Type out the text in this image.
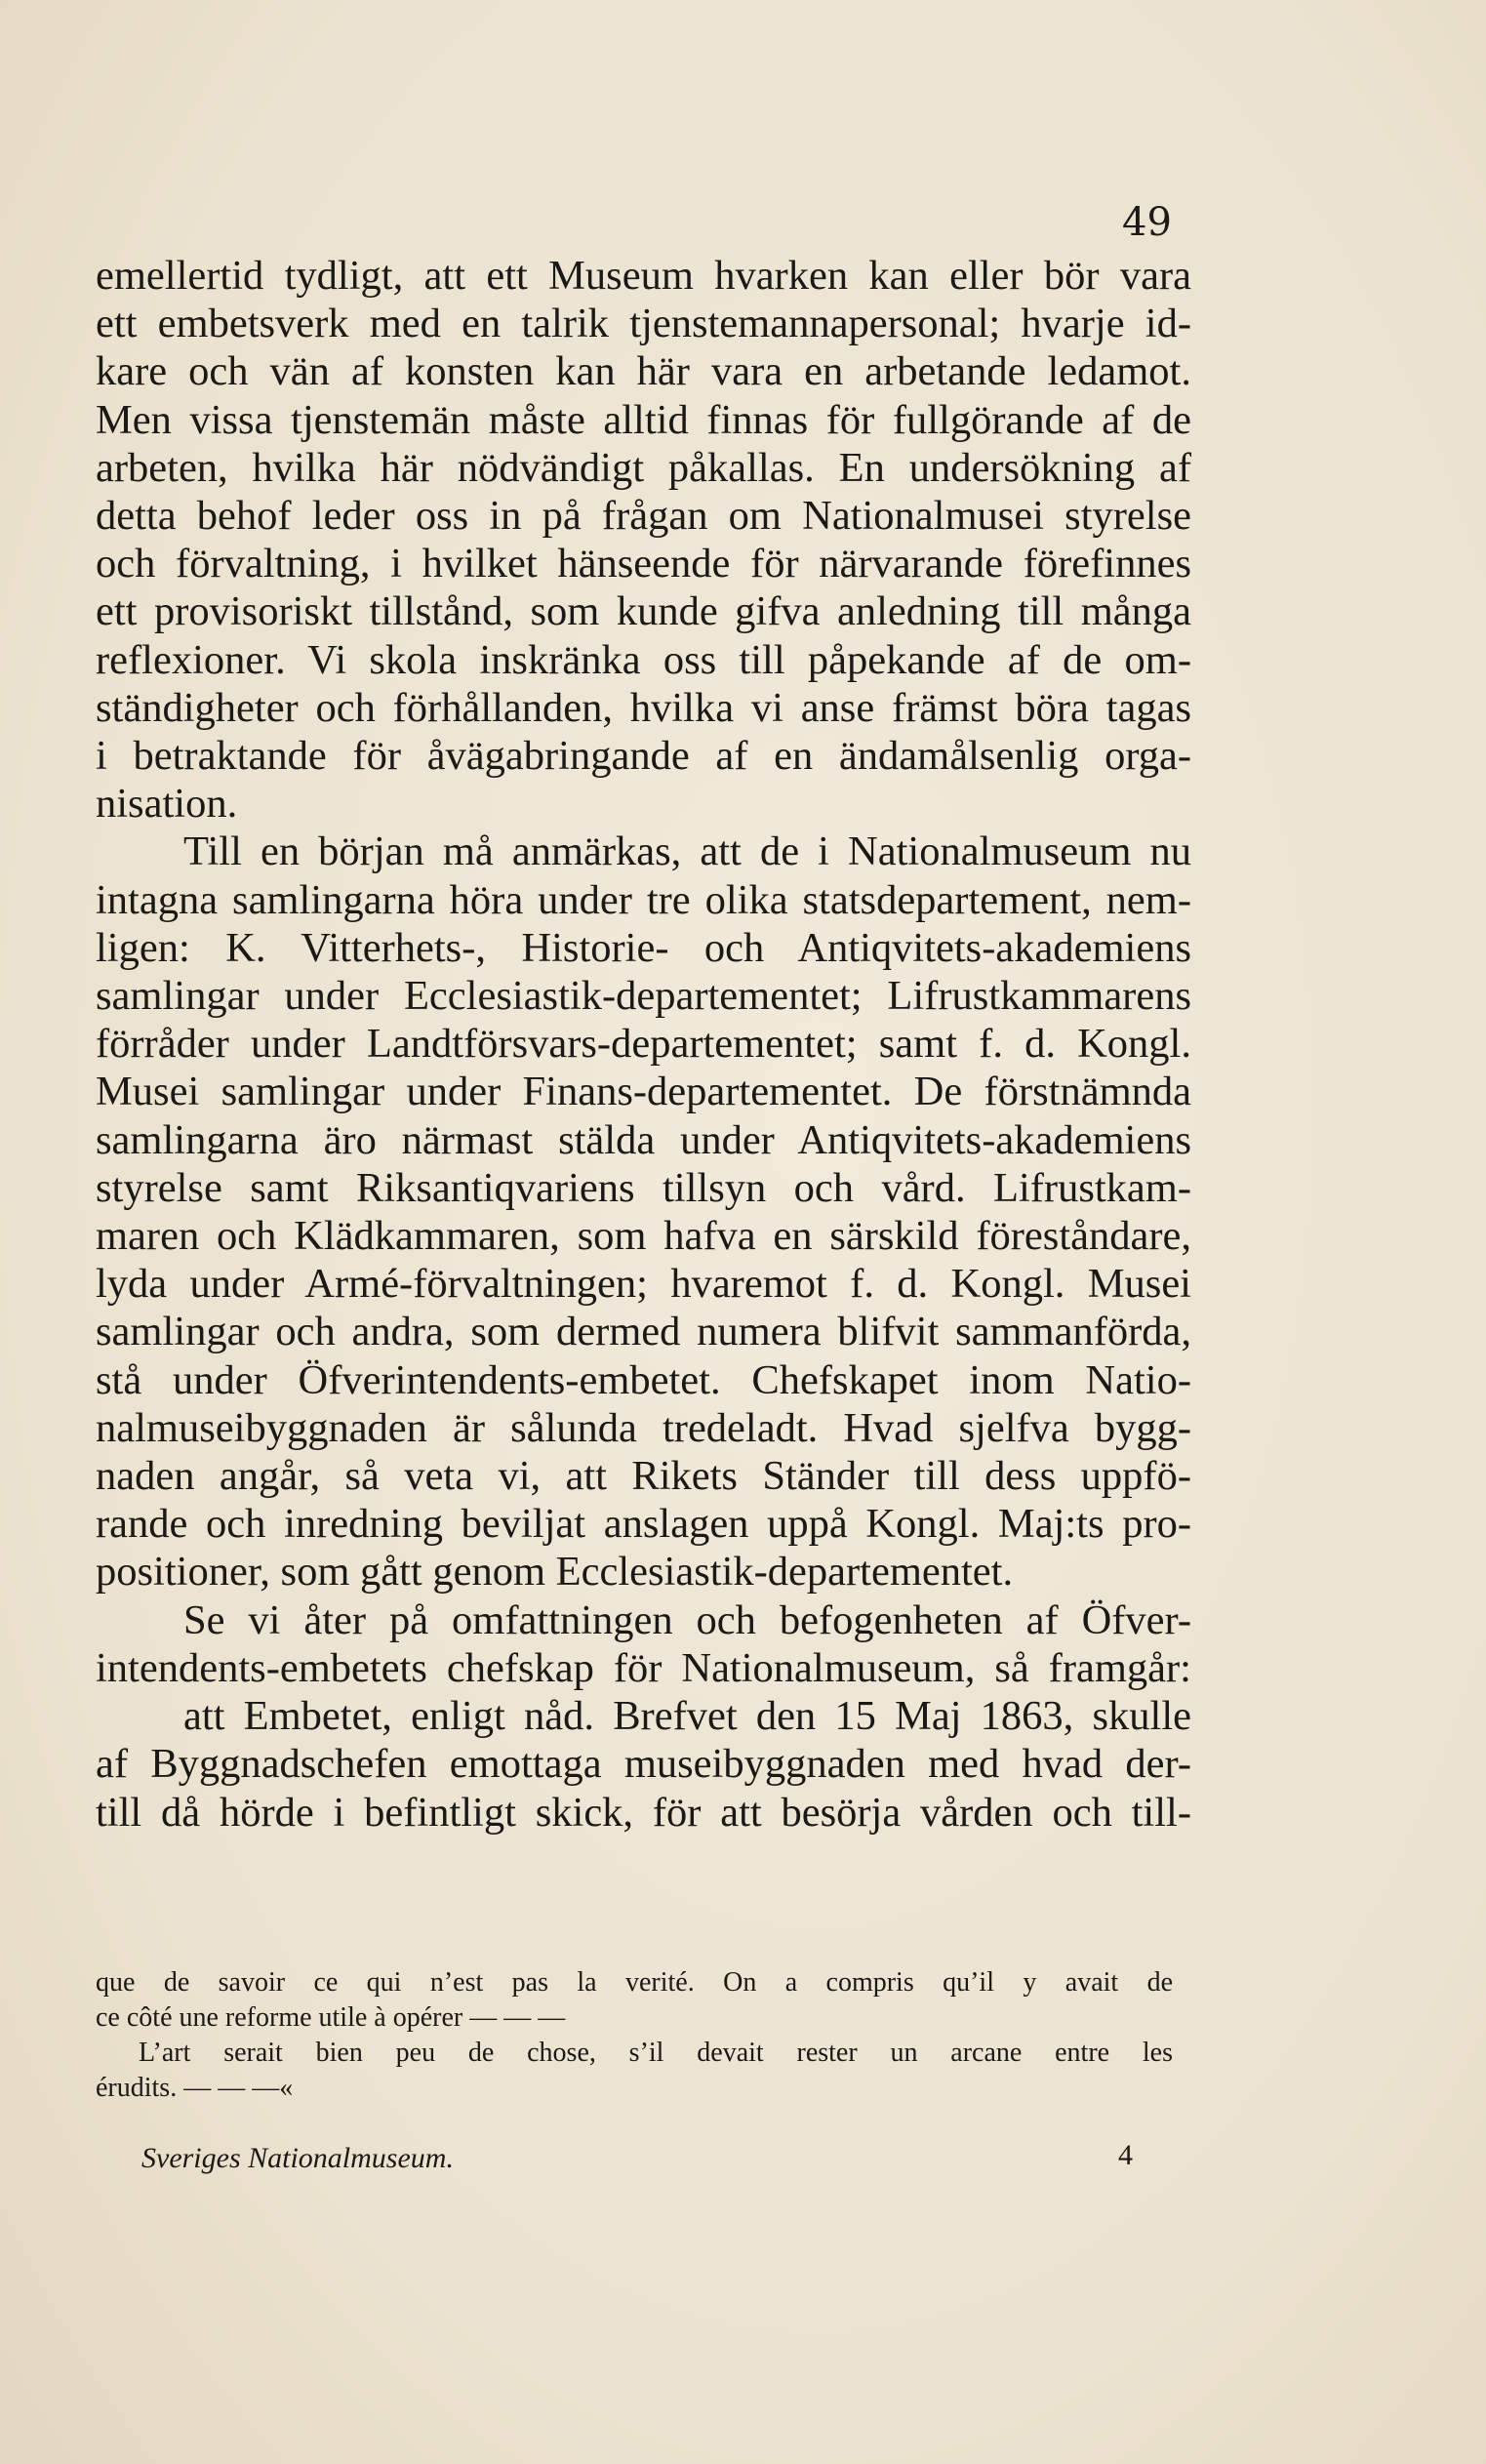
49
emellertid tydligt, att ett Museum hvarken kan eller bör vara
ett embetsverk med en talrik tjenstemannapersonal; hvarje id-
kare och vän af konsten kan här vara en arbetande ledamot.
Men vissa tjenstemän måste alltid finnas för fullgörande af de
arbeten, hvilka här nödvändigt påkallas. En undersökning af
detta behof leder oss in på frågan om Nationalmusei styrelse
och förvaltning, i hvilket hänseende för närvarande förefinnes
ett provisoriskt tillstånd, som kunde gifva anledning till många
reflexioner. Vi skola inskränka oss till påpekande af de om-
ständigheter och förhållanden, hvilka vi anse främst böra tagas
i betraktande för åvägabringande af en ändamålsenlig orga-
nisation.
Till en början må anmärkas, att de i Nationalmuseum nu
intagna samlingarna höra under tre olika statsdepartement, nem-
ligen: K. Vitterhets-, Historie- och Antiqvitets-akademiens
samlingar under Ecclesiastik-departementet; Lifrustkammarens
förråder under Landtförsvars-departementet; samt f. d. Kongl.
Musei samlingar under Finans-departementet. De förstnämnda
samlingarna äro närmast stälda under Antiqvitets-akademiens
styrelse samt Riksantiqvariens tillsyn och vård. Lifrustkam-
maren och Klädkammaren, som hafva en särskild föreståndare,
lyda under Armé-förvaltningen; hvaremot f. d. Kongl. Musei
samlingar och andra, som dermed numera blifvit sammanförda,
stå under Öfverintendents-embetet. Chefskapet inom Natio-
nalmuseibyggnaden är sålunda tredeladt. Hvad sjelfva bygg-
naden angår, så veta vi, att Rikets Ständer till dess uppfö-
rande och inredning beviljat anslagen uppå Kongl. Maj:ts pro-
positioner, som gått genom Ecclesiastik-departementet.
Se vi åter på omfattningen och befogenheten af Öfver-
intendents-embetets chefskap för Nationalmuseum, så framgår:
att Embetet, enligt nåd. Brefvet den 15 Maj 1863, skulle
af Byggnadschefen emottaga museibyggnaden med hvad der-
till då hörde i befintligt skick, för att besörja vården och till-
que de savoir ce qui n’est pas la verité. On a compris qu’il y avait de
ce côté une reforme utile à opérer — — —
L’art serait bien peu de chose, s’il devait rester un arcane entre les
érudits. — — —«
Sveriges Nationalmuseum.	4
